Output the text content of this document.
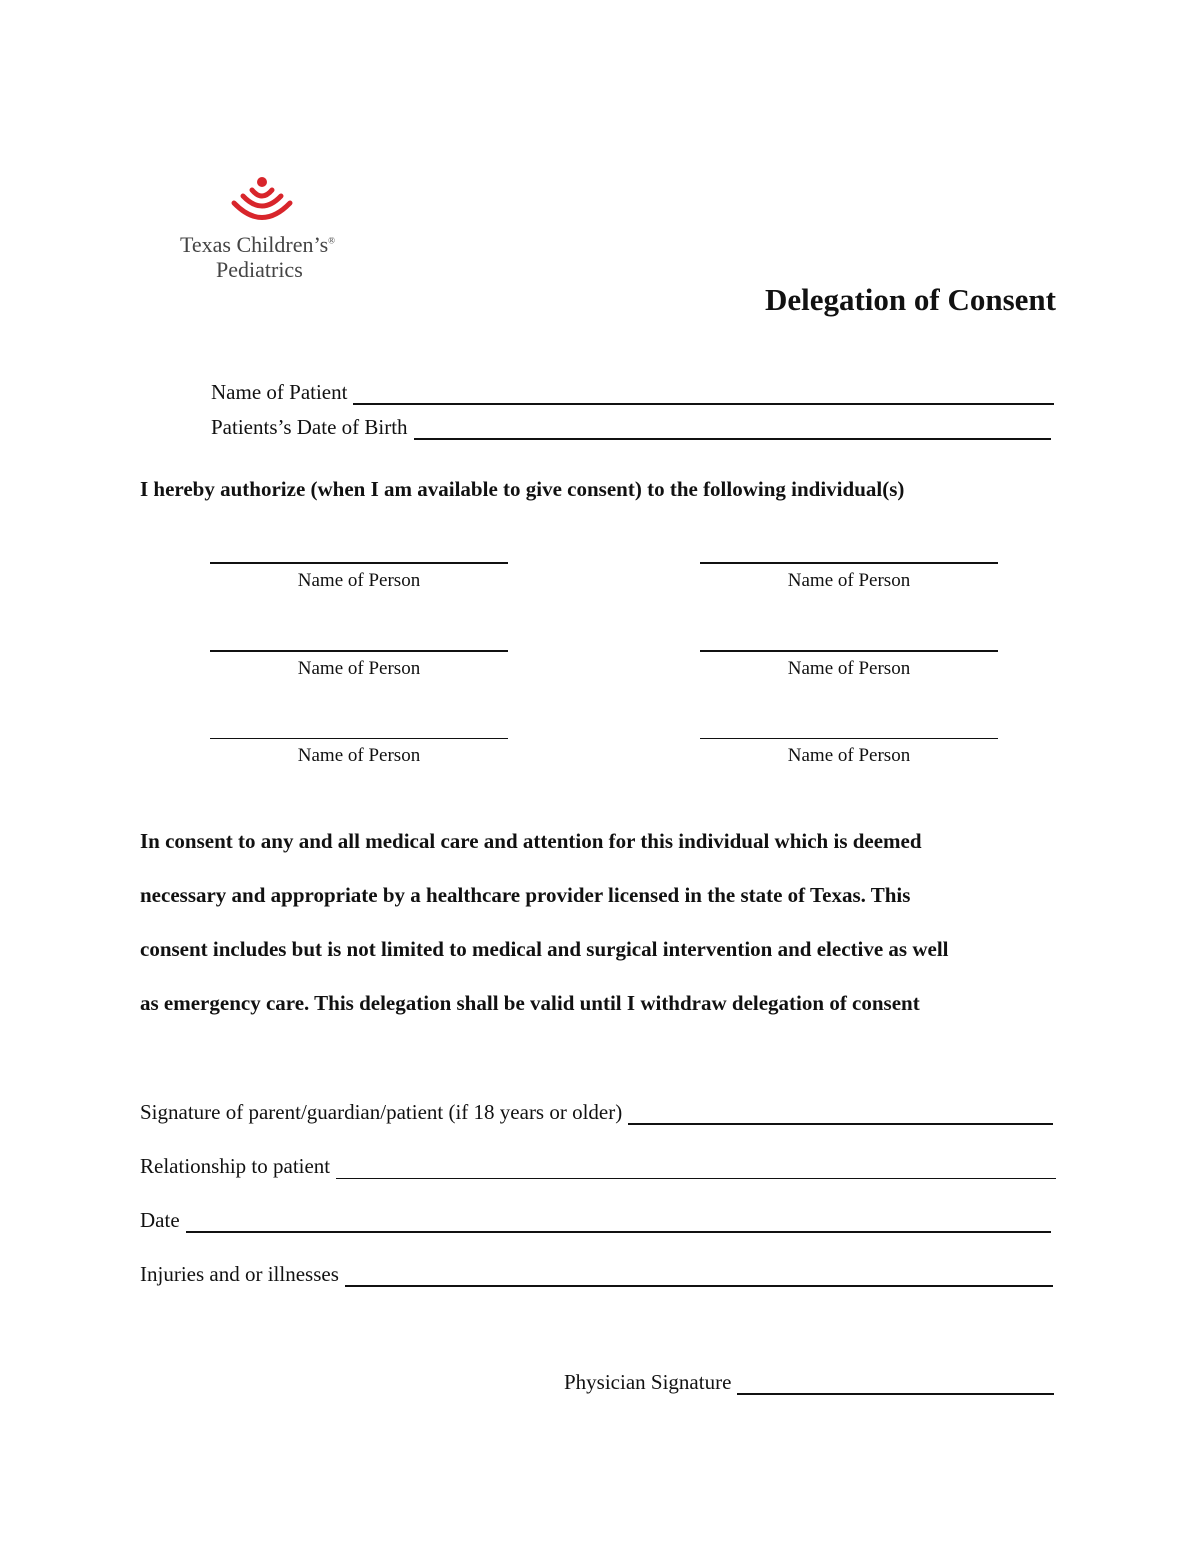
Texas Children’s®
Pediatrics
Delegation of Consent
Name of Patient
Patients’s Date of Birth
I hereby authorize (when I am available to give consent) to the following individual(s)
Name of Person	Name of Person
Name of Person	Name of Person
Name of Person	Name of Person
In consent to any and all medical care and attention for this individual which is deemed
necessary and appropriate by a healthcare provider licensed in the state of Texas. This
consent includes but is not limited to medical and surgical intervention and elective as well
as emergency care. This delegation shall be valid until I withdraw delegation of consent
Signature of parent/guardian/patient (if 18 years or older)
Relationship to patient
Date
Injuries and or illnesses
Physician Signature
